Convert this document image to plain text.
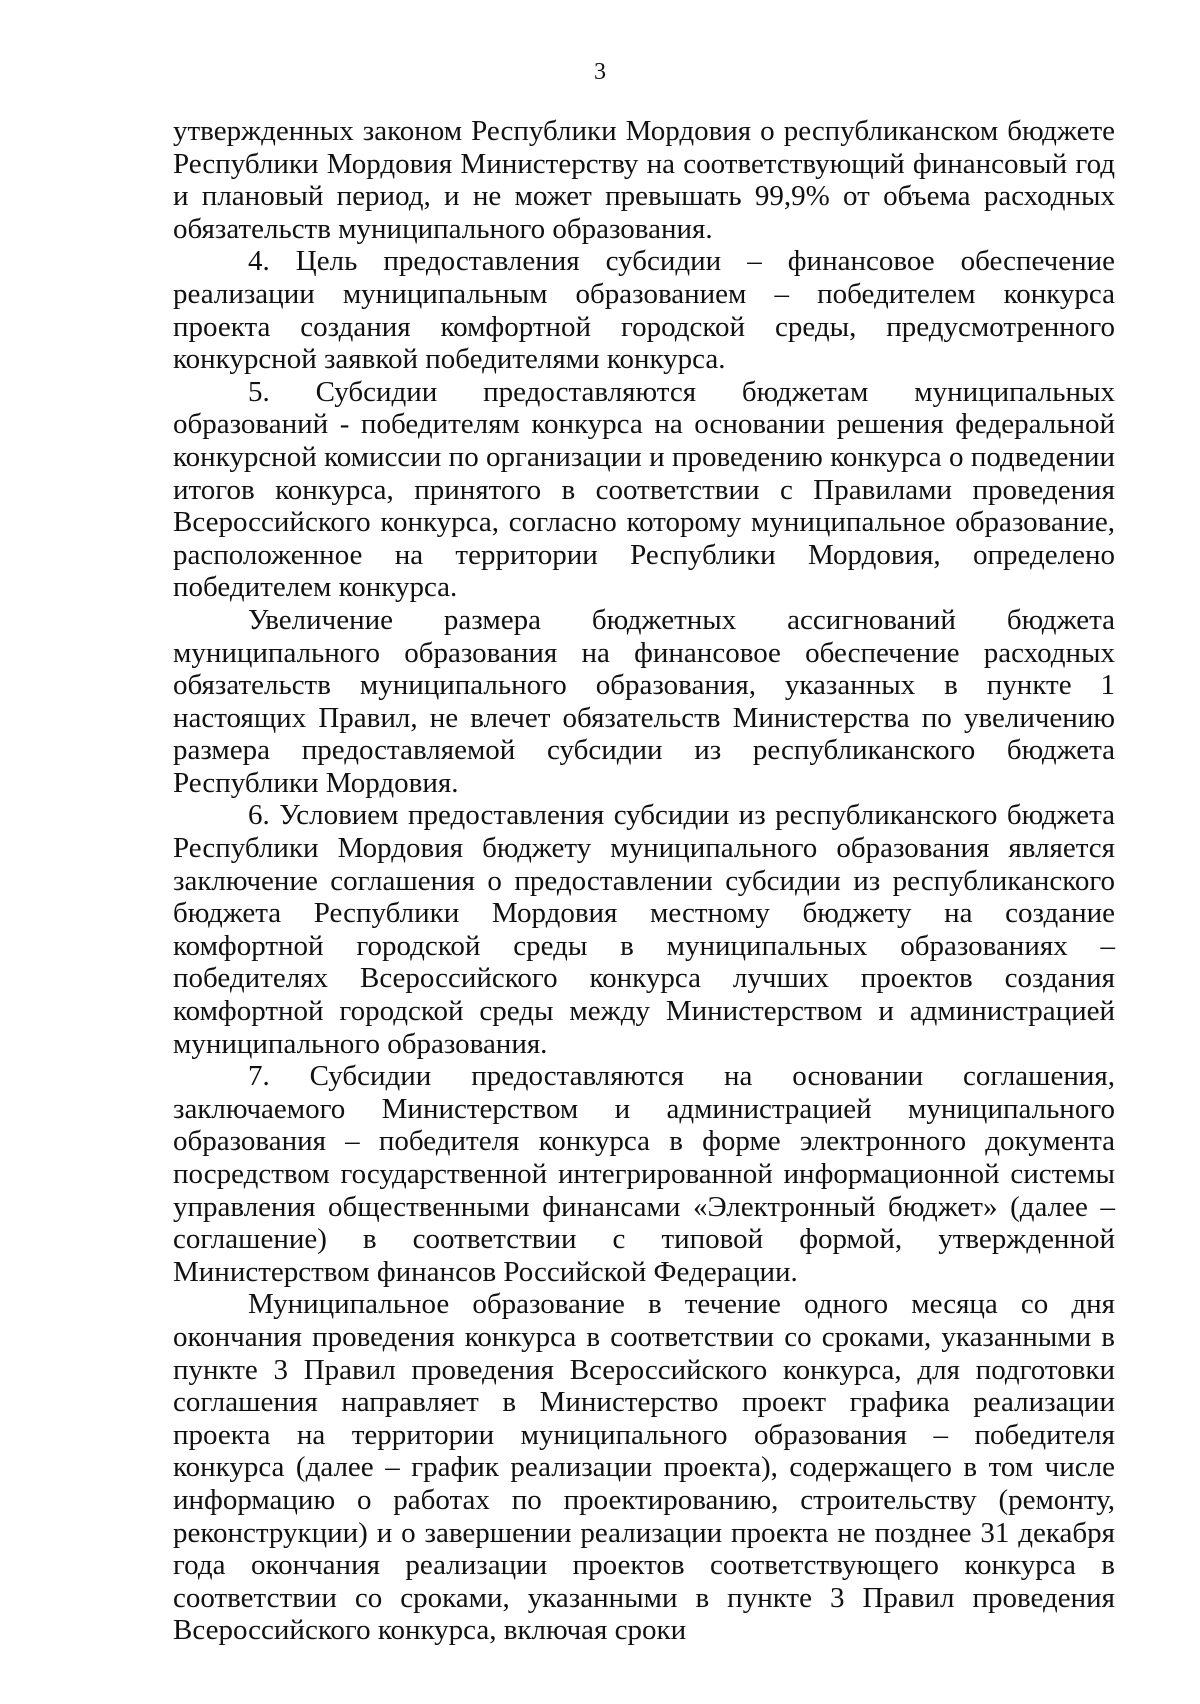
3

утвержденных законом Республики Мордовия о республиканском бюджете Республики Мордовия Министерству на соответствующий финансовый год и плановый период, и не может превышать 99,9% от объема расходных обязательств муниципального образования.

4. Цель предоставления субсидии – финансовое обеспечение реализации муниципальным образованием – победителем конкурса проекта создания комфортной городской среды, предусмотренного конкурсной заявкой победителями конкурса.

5. Субсидии предоставляются бюджетам муниципальных образований - победителям конкурса на основании решения федеральной конкурсной комиссии по организации и проведению конкурса о подведении итогов конкурса, принятого в соответствии с Правилами проведения Всероссийского конкурса, согласно которому муниципальное образование, расположенное на территории Республики Мордовия, определено победителем конкурса.

Увеличение размера бюджетных ассигнований бюджета муниципального образования на финансовое обеспечение расходных обязательств муниципального образования, указанных в пункте 1 настоящих Правил, не влечет обязательств Министерства по увеличению размера предоставляемой субсидии из республиканского бюджета Республики Мордовия.

6. Условием предоставления субсидии из республиканского бюджета Республики Мордовия бюджету муниципального образования является заключение соглашения о предоставлении субсидии из республиканского бюджета Республики Мордовия местному бюджету на создание комфортной городской среды в муниципальных образованиях – победителях Всероссийского конкурса лучших проектов создания комфортной городской среды между Министерством и администрацией муниципального образования.

7. Субсидии предоставляются на основании соглашения, заключаемого Министерством и администрацией муниципального образования – победителя конкурса в форме электронного документа посредством государственной интегрированной информационной системы управления общественными финансами «Электронный бюджет» (далее – соглашение) в соответствии с типовой формой, утвержденной Министерством финансов Российской Федерации.

Муниципальное образование в течение одного месяца со дня окончания проведения конкурса в соответствии со сроками, указанными в пункте 3 Правил проведения Всероссийского конкурса, для подготовки соглашения направляет в Министерство проект графика реализации проекта на территории муниципального образования – победителя конкурса (далее – график реализации проекта), содержащего в том числе информацию о работах по проектированию, строительству (ремонту, реконструкции) и о завершении реализации проекта не позднее 31 декабря года окончания реализации проектов соответствующего конкурса в соответствии со сроками, указанными в пункте 3 Правил проведения Всероссийского конкурса, включая сроки
